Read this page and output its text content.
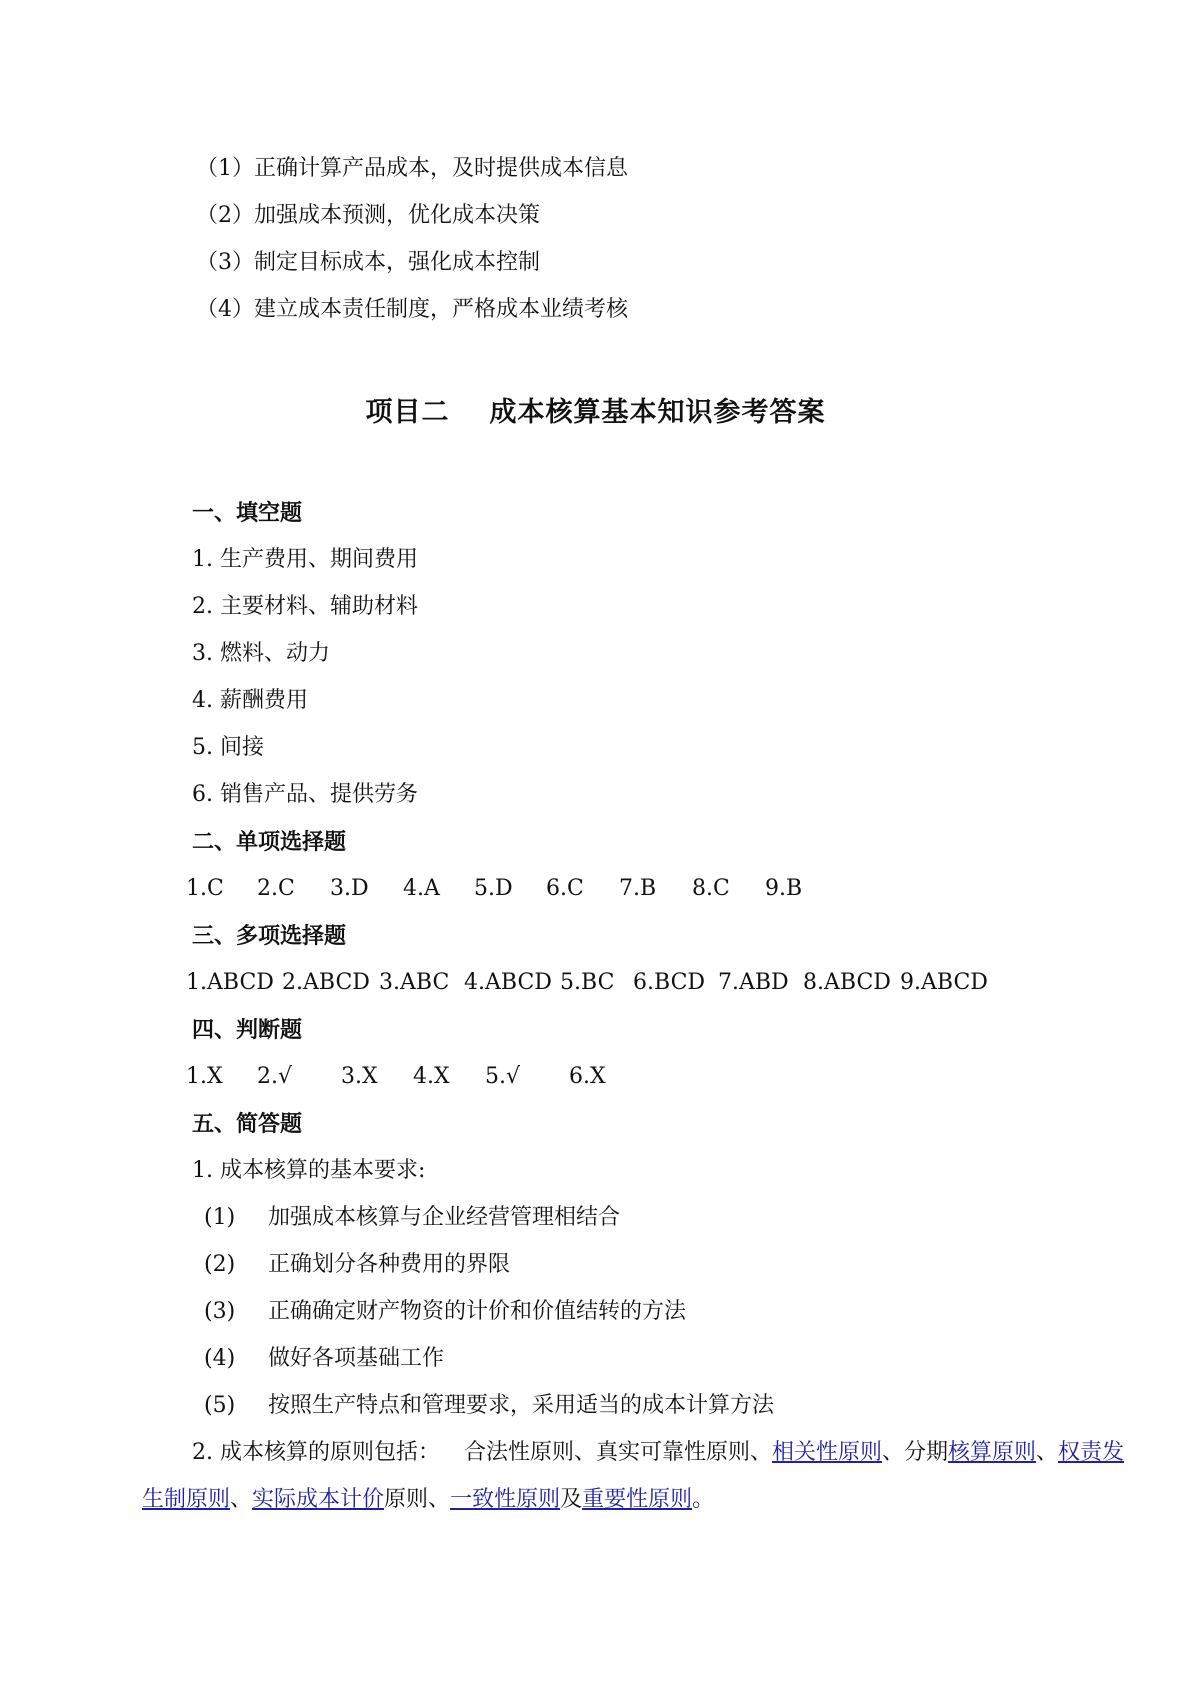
（1）正确计算产品成本，及时提供成本信息
（2）加强成本预测，优化成本决策
（3）制定目标成本，强化成本控制
（4）建立成本责任制度，严格成本业绩考核
项目二 成本核算基本知识参考答案
一、填空题
1. 生产费用、期间费用
2. 主要材料、辅助材料
3. 燃料、动力
4. 薪酬费用
5. 间接
6. 销售产品、提供劳务
二、单项选择题
1.C 2.C 3.D 4.A 5.D 6.C 7.B 8.C 9.B
三、多项选择题
1.ABCD 2.ABCD 3.ABC 4.ABCD 5.BC 6.BCD 7.ABD 8.ABCD 9.ABCD
四、判断题
1.X 2.√ 3.X 4.X 5.√ 6.X
五、简答题
1. 成本核算的基本要求:
(1) 加强成本核算与企业经营管理相结合
(2) 正确划分各种费用的界限
(3) 正确确定财产物资的计价和价值结转的方法
(4) 做好各项基础工作
(5) 按照生产特点和管理要求，采用适当的成本计算方法
2. 成本核算的原则包括： 合法性原则、真实可靠性原则、相关性原则、分期核算原则、权责发生制原则、实际成本计价原则、一致性原则及重要性原则。
